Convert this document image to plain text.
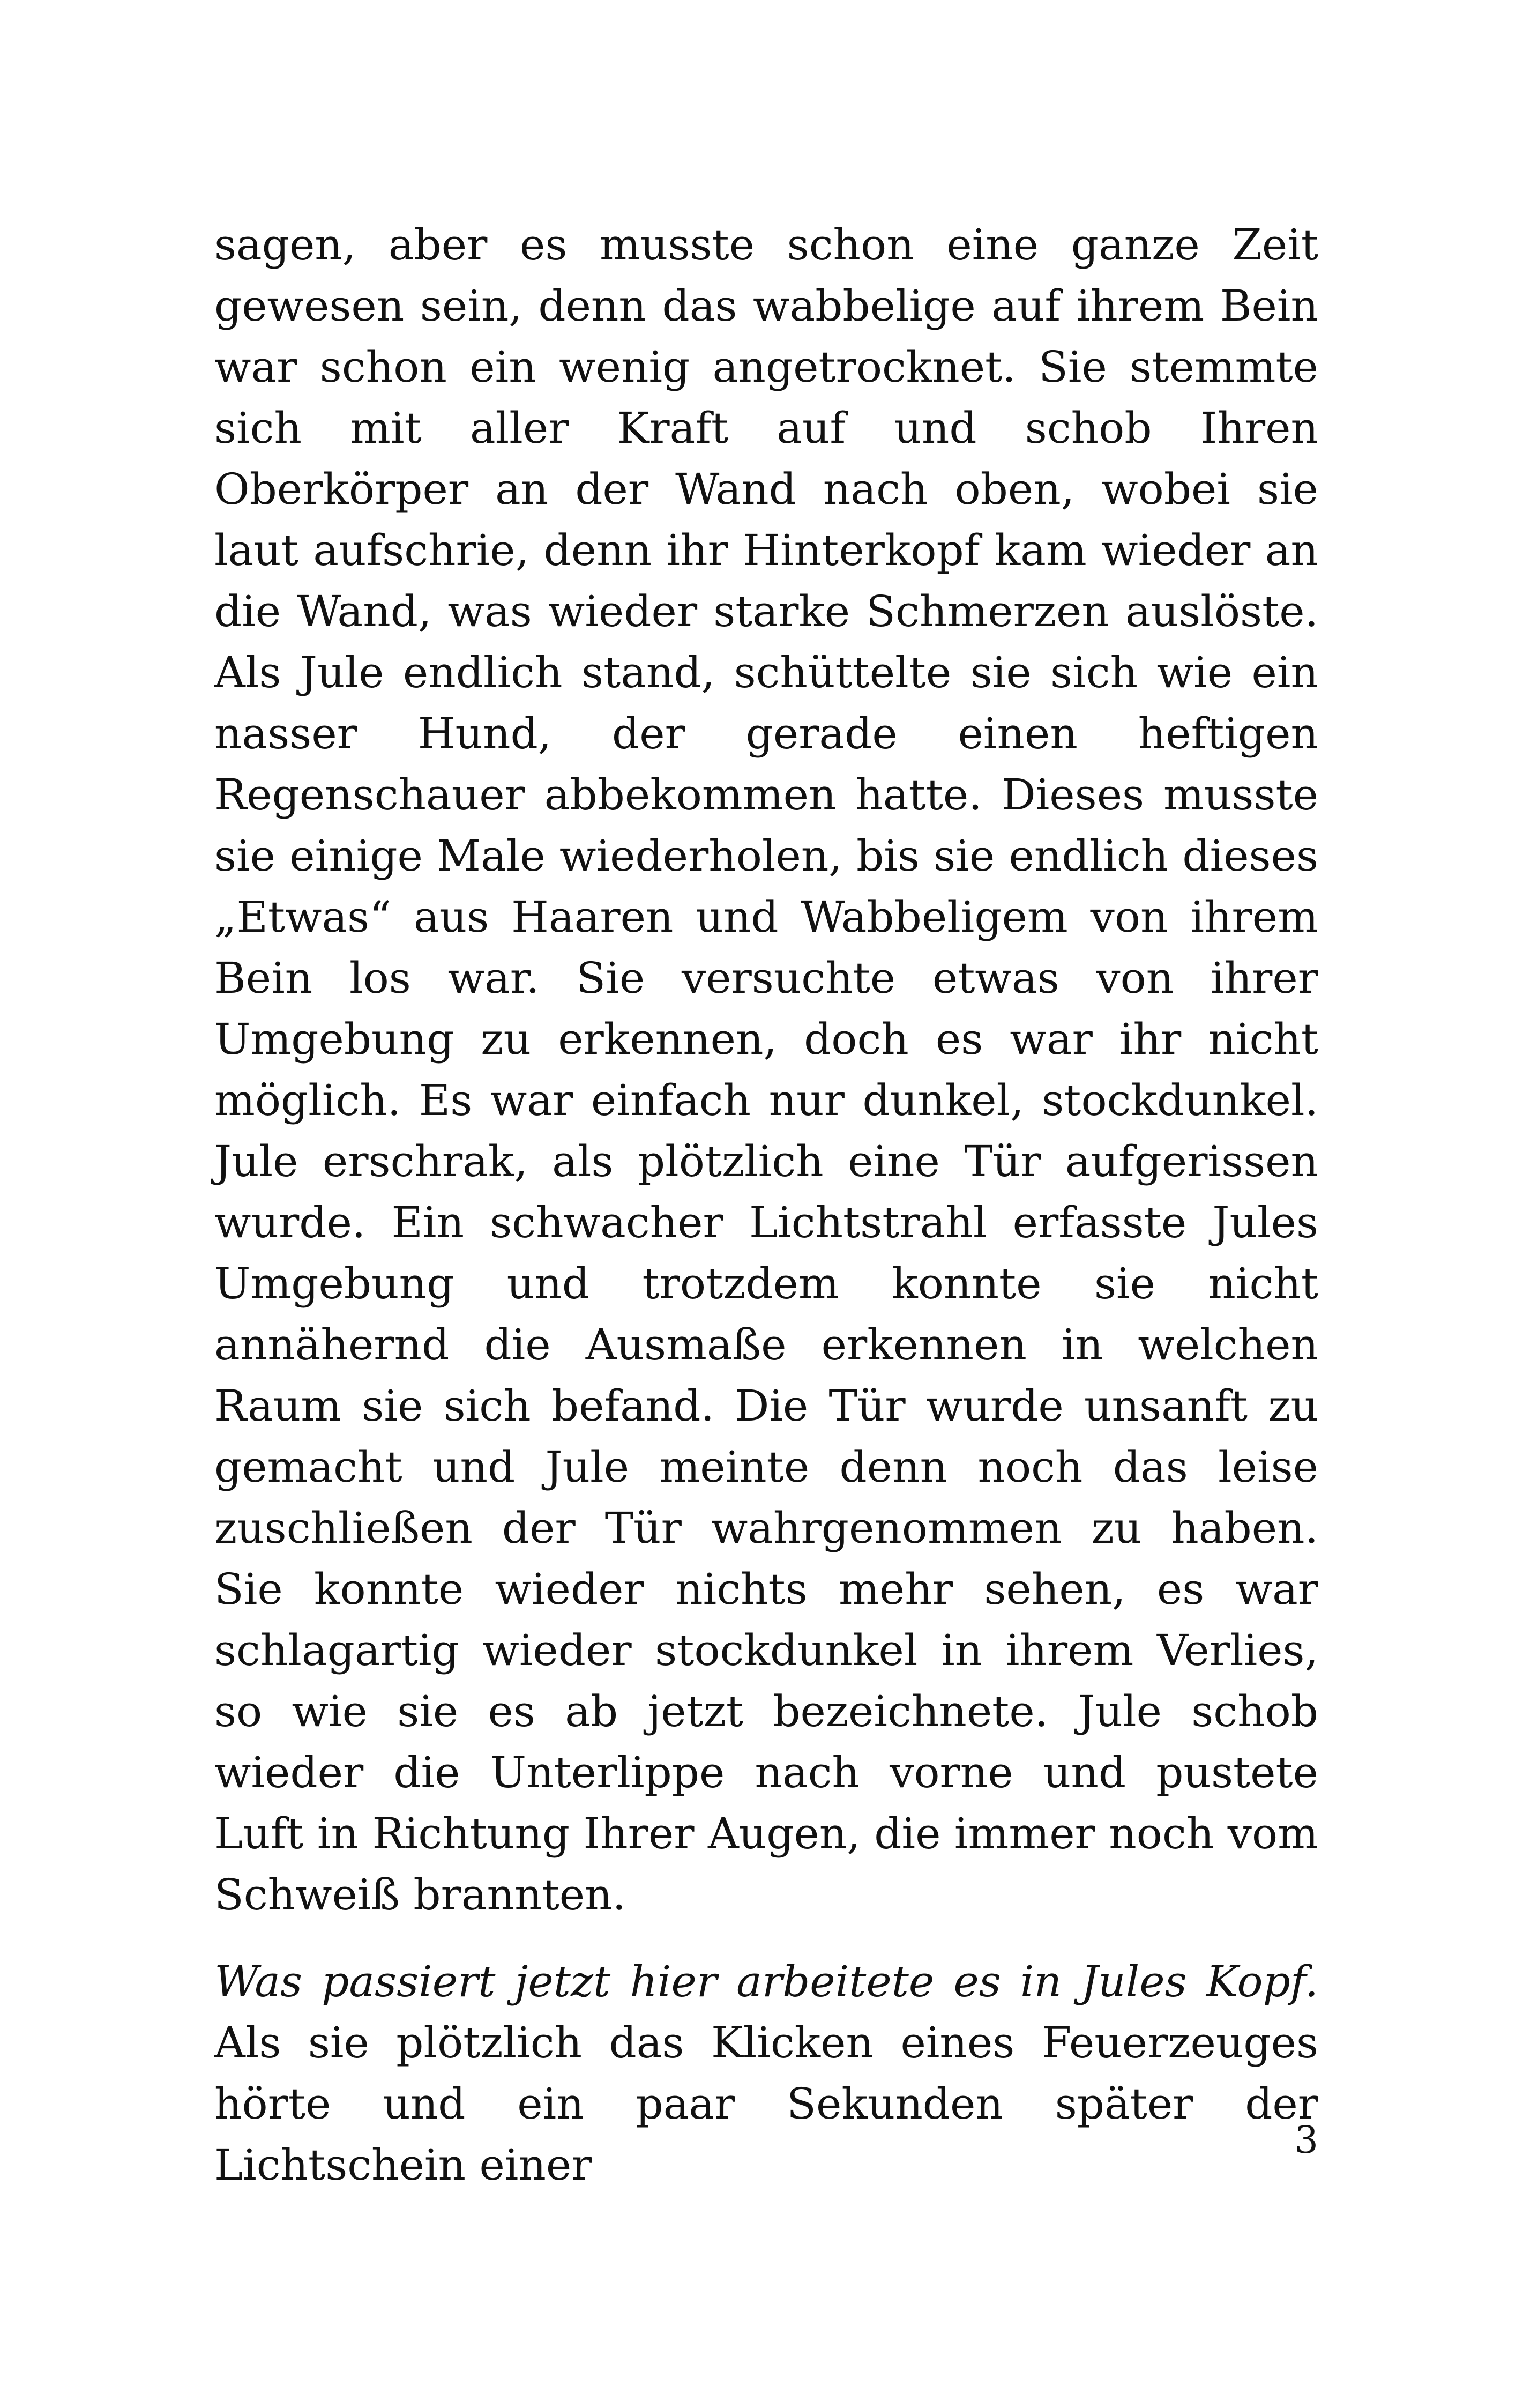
sagen, aber es musste schon eine ganze Zeit gewesen sein, denn das wabbelige auf ihrem Bein war schon ein wenig angetrocknet. Sie stemmte sich mit aller Kraft auf und schob Ihren Oberkörper an der Wand nach oben, wobei sie laut aufschrie, denn ihr Hinterkopf kam wieder an die Wand, was wieder starke Schmerzen auslöste. Als Jule endlich stand, schüttelte sie sich wie ein nasser Hund, der gerade einen heftigen Regenschauer abbekommen hatte. Dieses musste sie einige Male wiederholen, bis sie endlich dieses „Etwas“ aus Haaren und Wabbeligem von ihrem Bein los war. Sie versuchte etwas von ihrer Umgebung zu erkennen, doch es war ihr nicht möglich. Es war einfach nur dunkel, stockdunkel. Jule erschrak, als plötzlich eine Tür aufgerissen wurde. Ein schwacher Lichtstrahl erfasste Jules Umgebung und trotzdem konnte sie nicht annähernd die Ausmaße erkennen in welchen Raum sie sich befand. Die Tür wurde unsanft zu gemacht und Jule meinte denn noch das leise zuschließen der Tür wahrgenommen zu haben. Sie konnte wieder nichts mehr sehen, es war schlagartig wieder stockdunkel in ihrem Verlies, so wie sie es ab jetzt bezeichnete. Jule schob wieder die Unterlippe nach vorne und pustete Luft in Richtung Ihrer Augen, die immer noch vom Schweiß brannten.

Was passiert jetzt hier arbeitete es in Jules Kopf. Als sie plötzlich das Klicken eines Feuerzeuges hörte und ein paar Sekunden später der Lichtschein einer	3
